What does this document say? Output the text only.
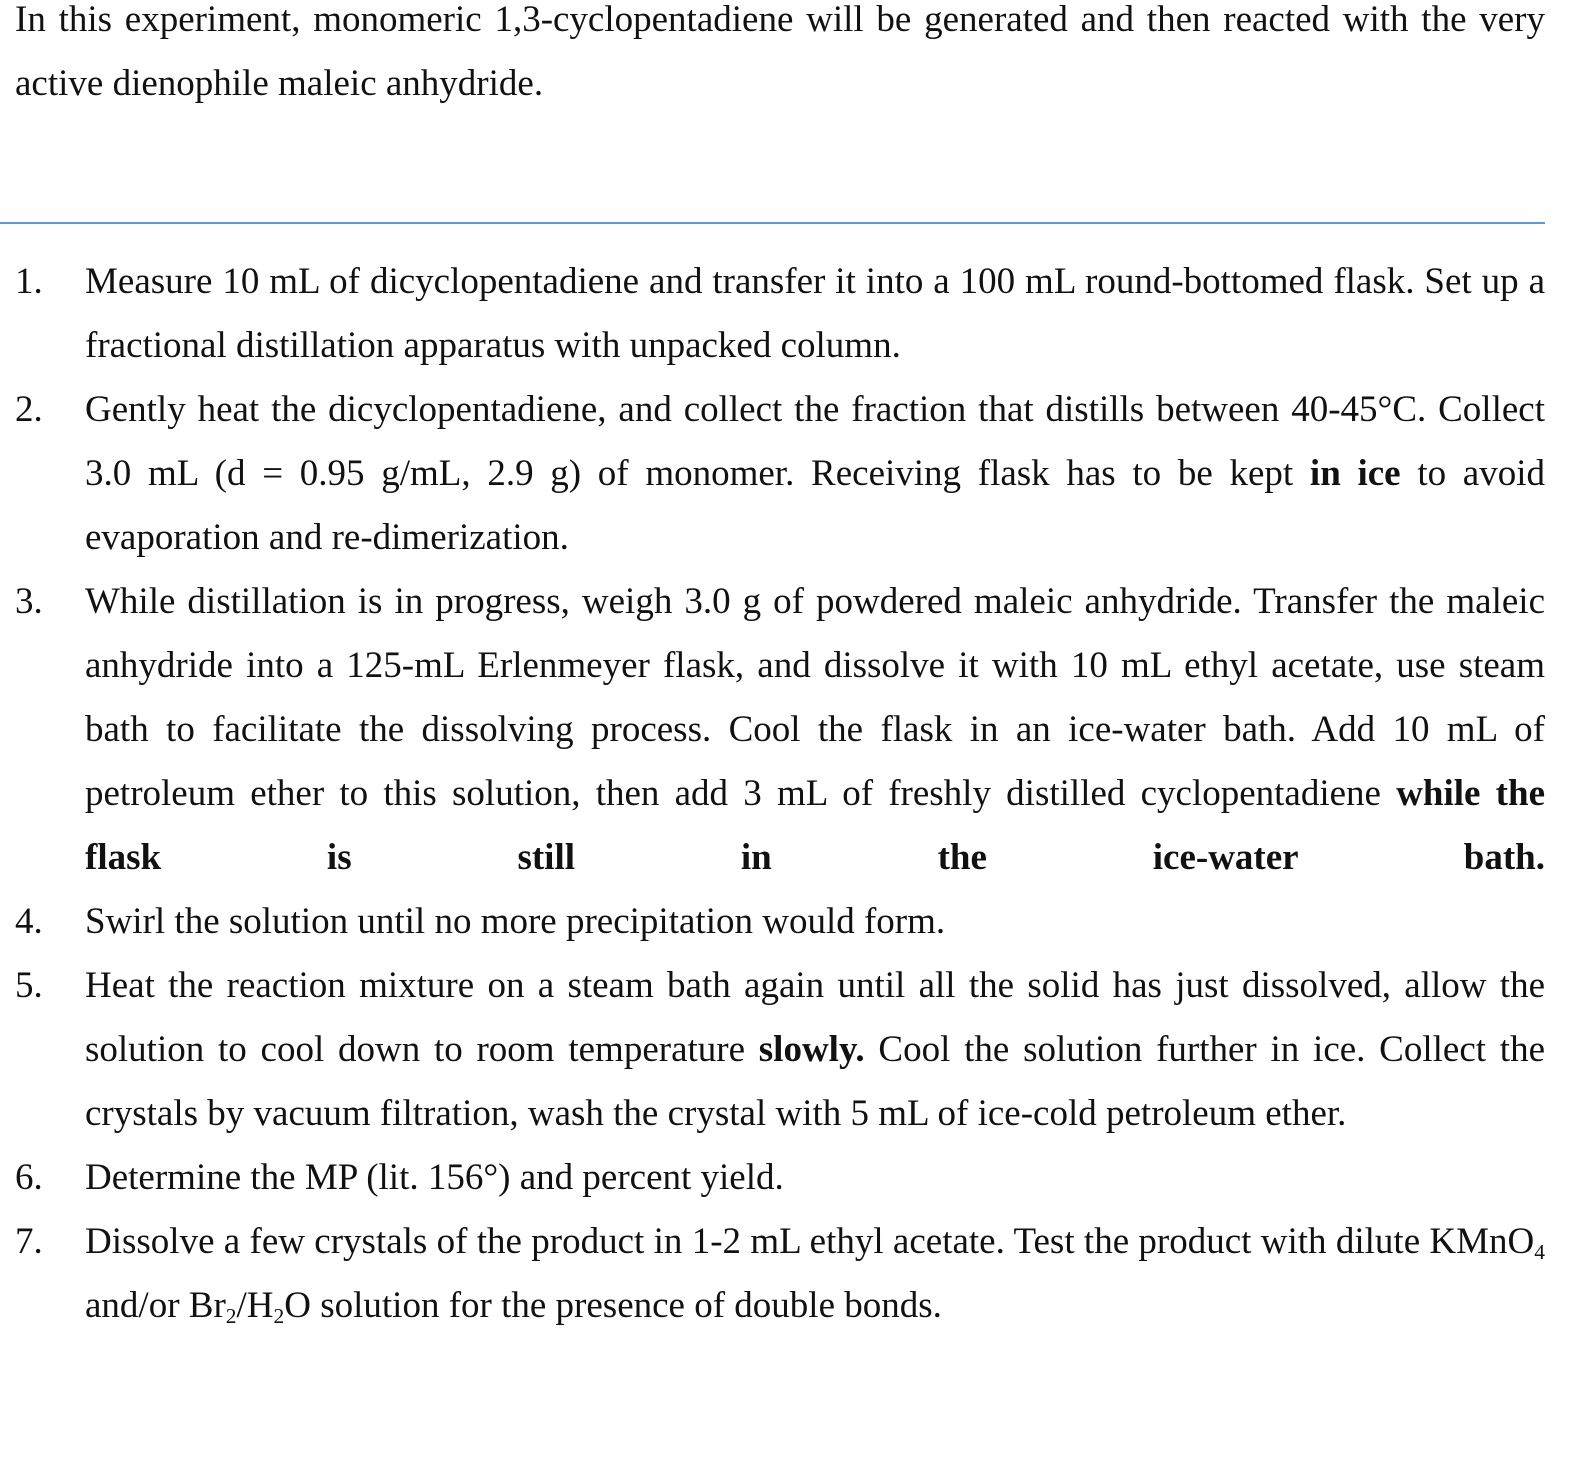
In this experiment, monomeric 1,3-cyclopentadiene will be generated and then reacted with the very active dienophile maleic anhydride.

1. Measure 10 mL of dicyclopentadiene and transfer it into a 100 mL round-bottomed flask. Set up a fractional distillation apparatus with unpacked column.
2. Gently heat the dicyclopentadiene, and collect the fraction that distills between 40-45°C. Collect 3.0 mL (d = 0.95 g/mL, 2.9 g) of monomer. Receiving flask has to be kept in ice to avoid evaporation and re-dimerization.
3. While distillation is in progress, weigh 3.0 g of powdered maleic anhydride. Transfer the maleic anhydride into a 125-mL Erlenmeyer flask, and dissolve it with 10 mL ethyl acetate, use steam bath to facilitate the dissolving process. Cool the flask in an ice-water bath. Add 10 mL of petroleum ether to this solution, then add 3 mL of freshly distilled cyclopentadiene while the flask is still in the ice-water bath.
4. Swirl the solution until no more precipitation would form.
5. Heat the reaction mixture on a steam bath again until all the solid has just dissolved, allow the solution to cool down to room temperature slowly. Cool the solution further in ice. Collect the crystals by vacuum filtration, wash the crystal with 5 mL of ice-cold petroleum ether.
6. Determine the MP (lit. 156°) and percent yield.
7. Dissolve a few crystals of the product in 1-2 mL ethyl acetate. Test the product with dilute KMnO$_4$ and/or $Br_2/H_2O$ solution for the presence of double bonds.
